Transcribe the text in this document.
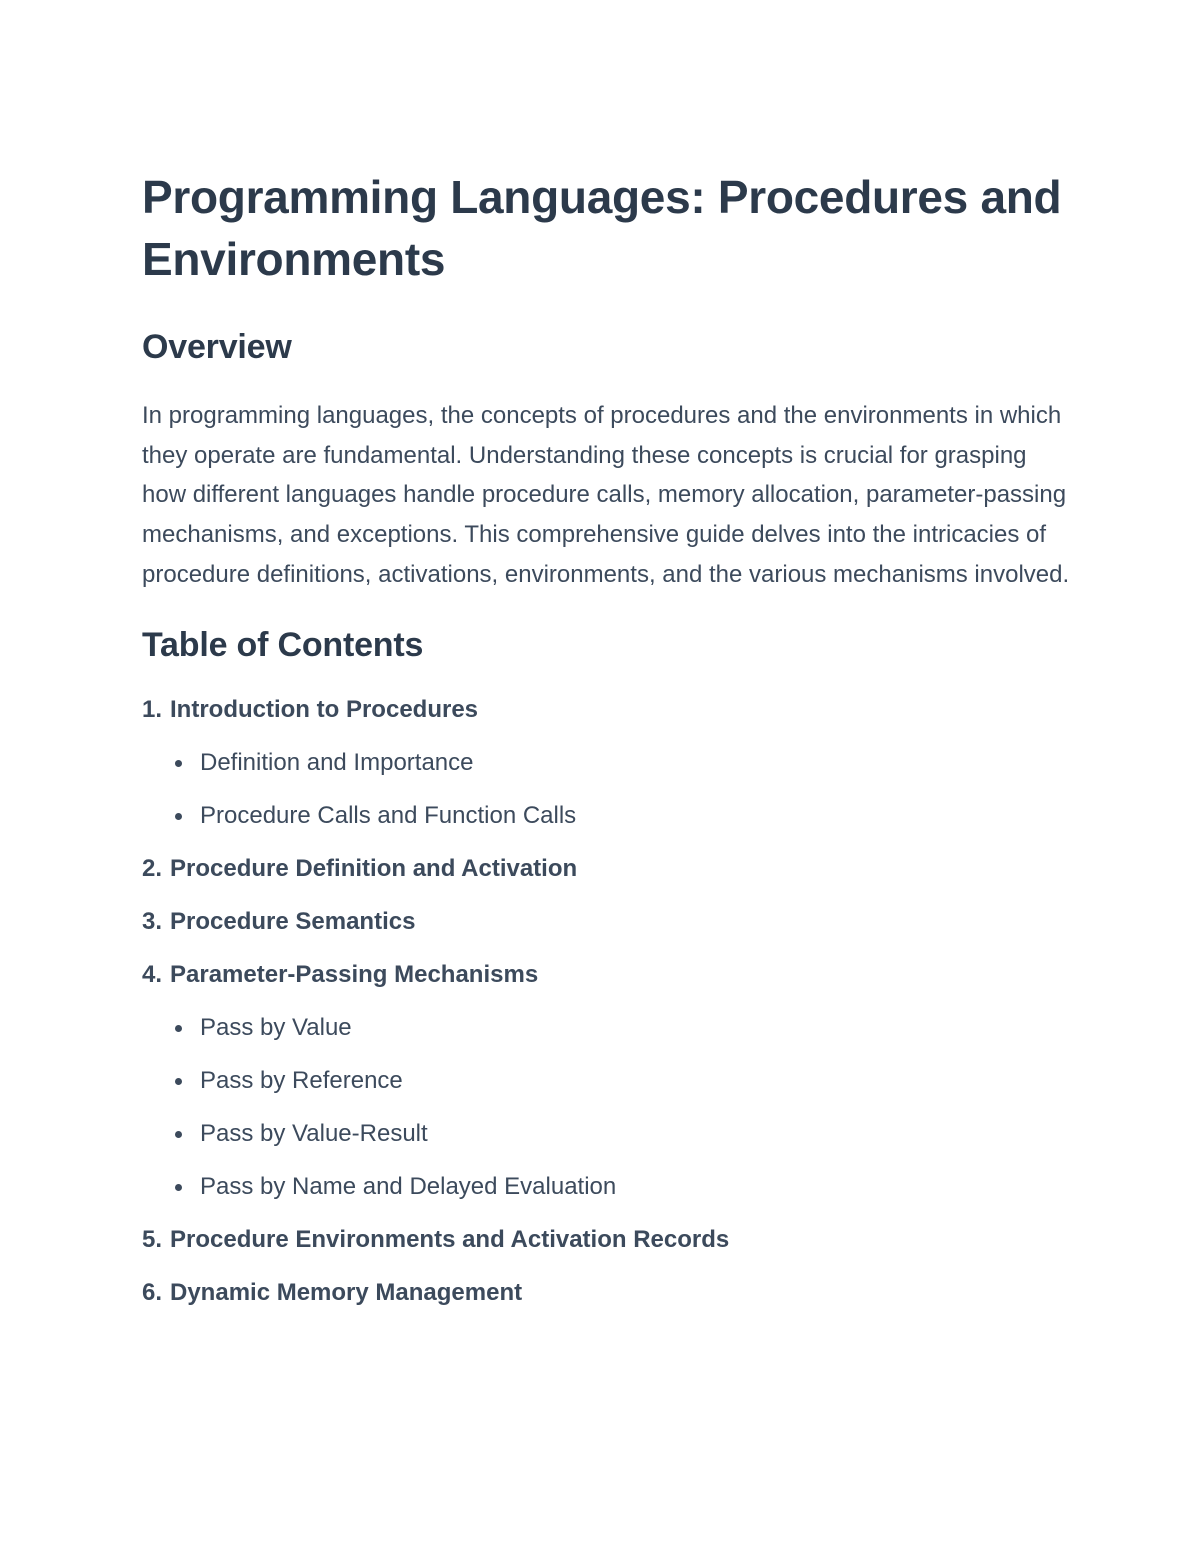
Programming Languages: Procedures and Environments
Overview

In programming languages, the concepts of procedures and the environments in which they operate are fundamental. Understanding these concepts is crucial for grasping how different languages handle procedure calls, memory allocation, parameter-passing mechanisms, and exceptions. This comprehensive guide delves into the intricacies of procedure definitions, activations, environments, and the various mechanisms involved.

Table of Contents
1. Introduction to Procedures
Definition and Importance
Procedure Calls and Function Calls
2. Procedure Definition and Activation
3. Procedure Semantics
4. Parameter-Passing Mechanisms
Pass by Value
Pass by Reference
Pass by Value-Result
Pass by Name and Delayed Evaluation
5. Procedure Environments and Activation Records
6. Dynamic Memory Management
